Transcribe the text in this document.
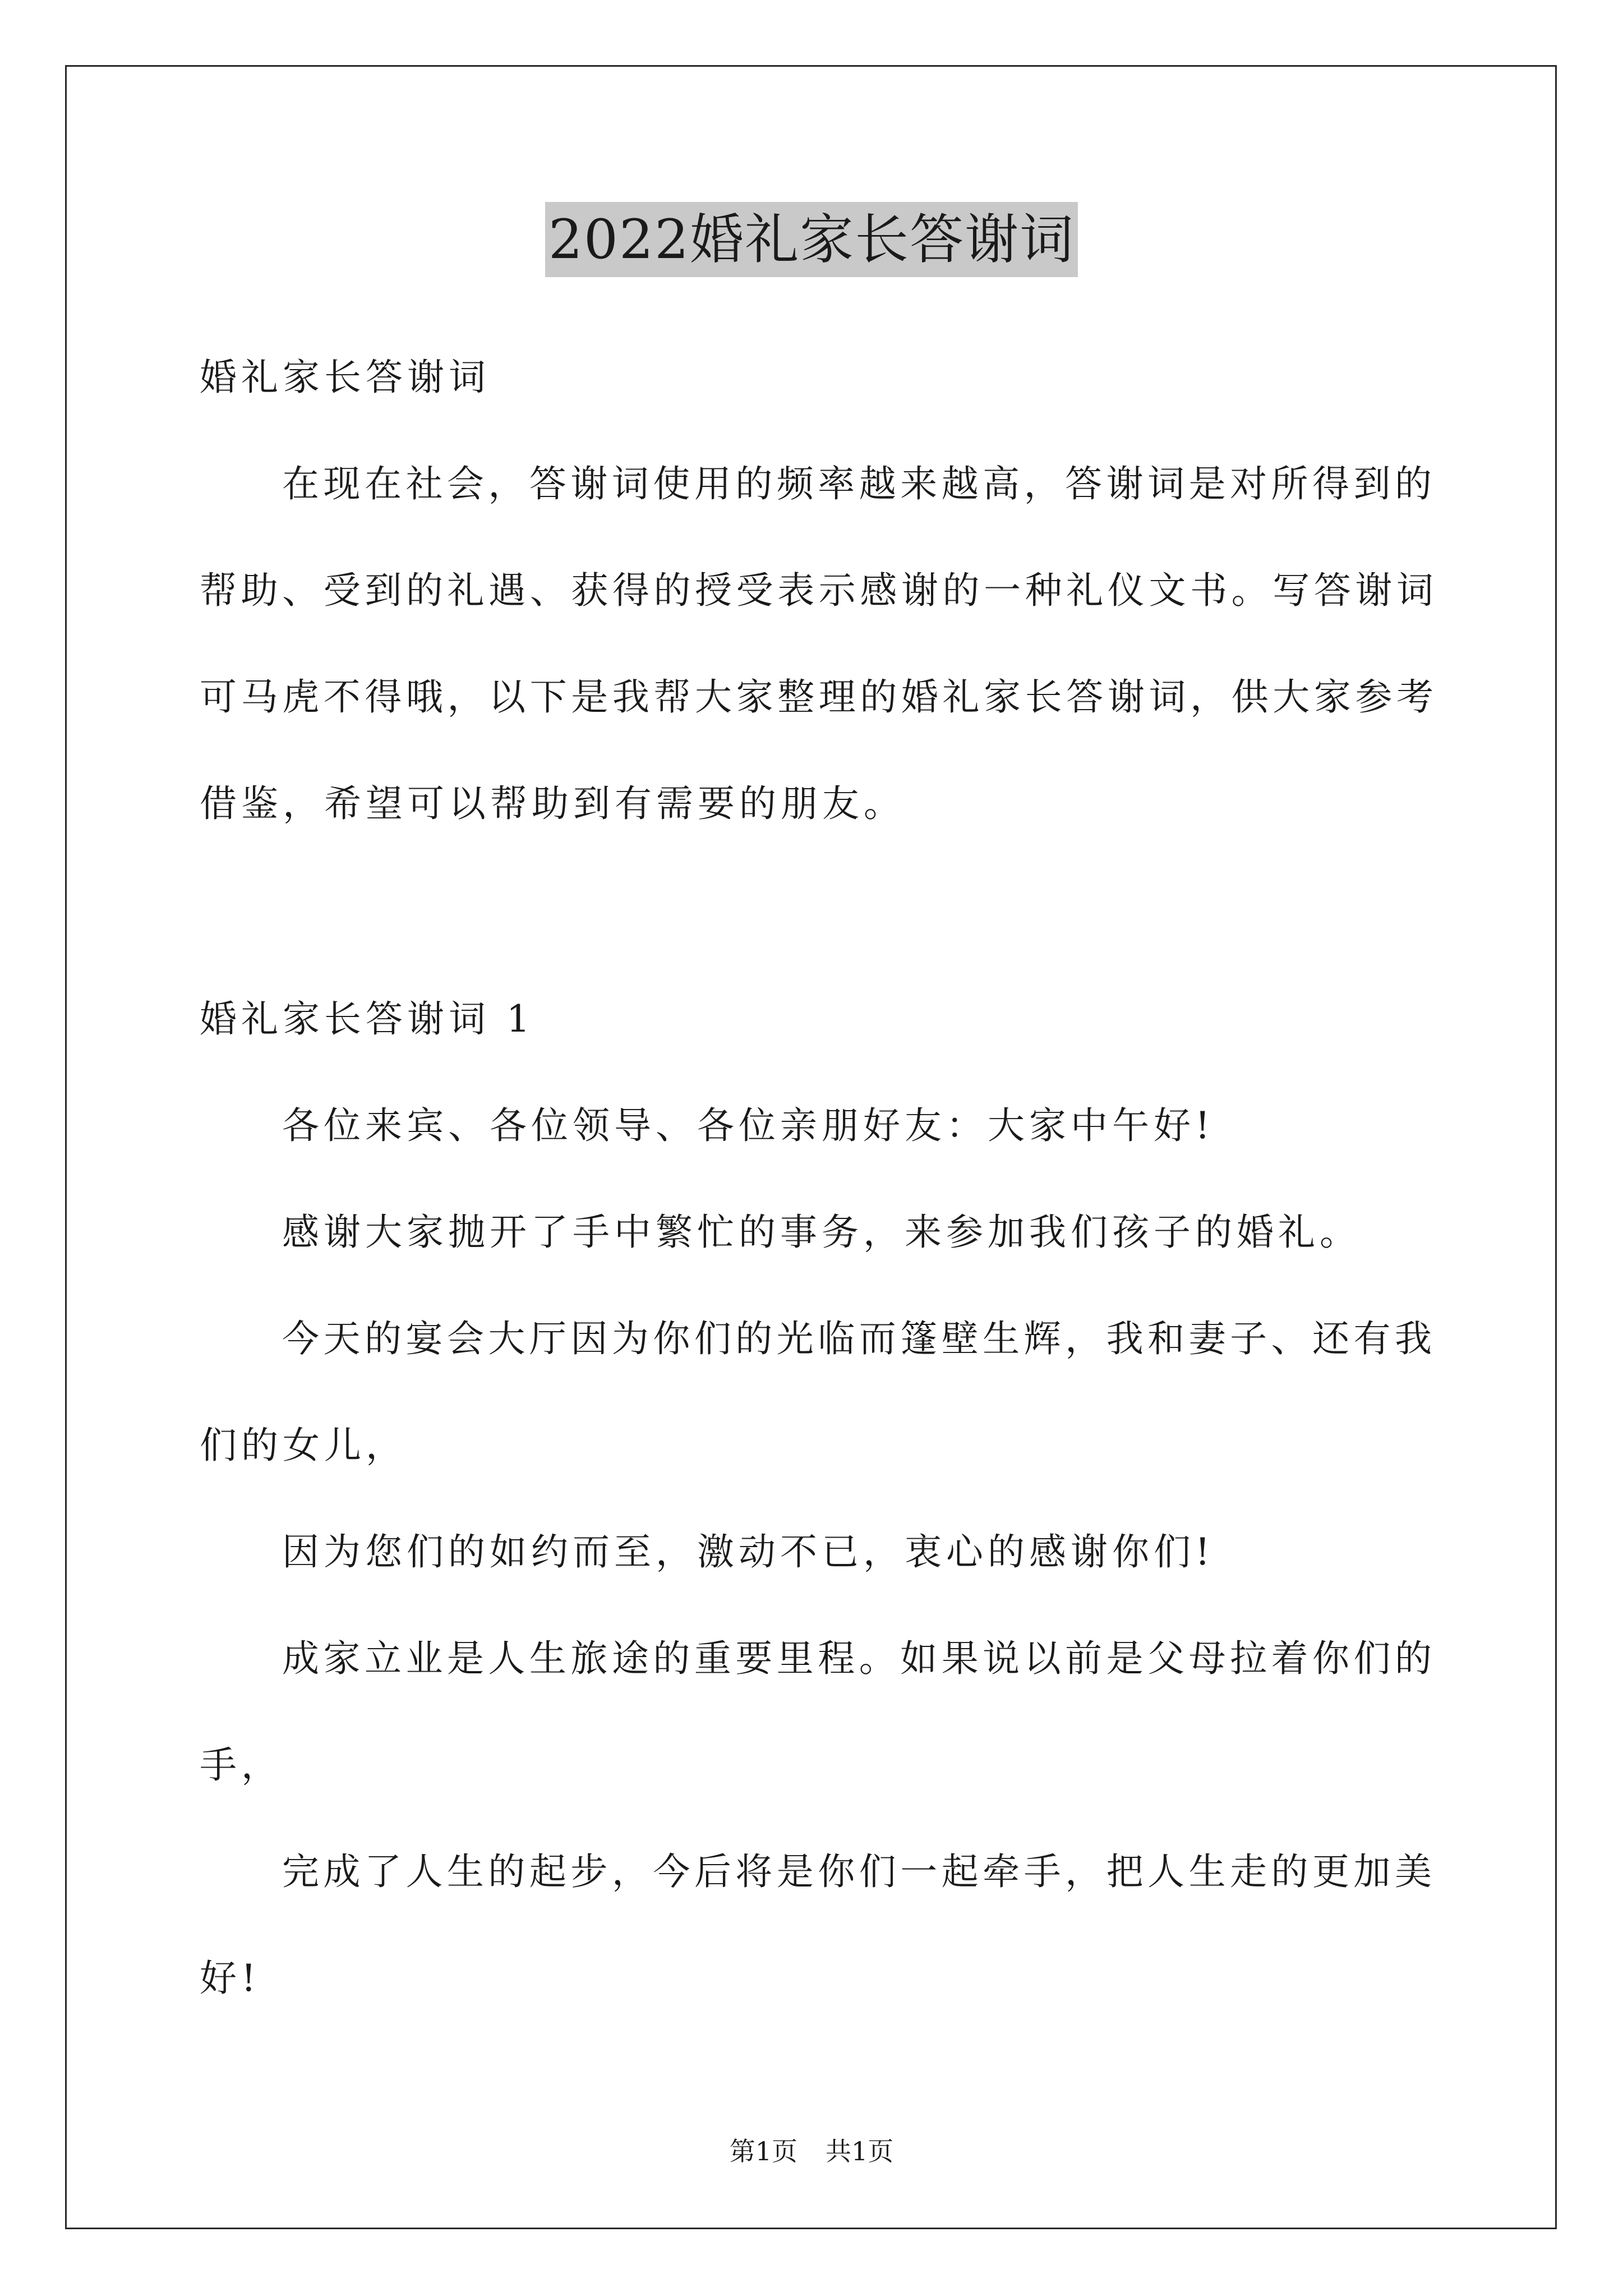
2022婚礼家长答谢词
婚礼家长答谢词
在现在社会，答谢词使用的频率越来越高，答谢词是对所得到的
帮助、受到的礼遇、获得的授受表示感谢的一种礼仪文书。写答谢词
可马虎不得哦，以下是我帮大家整理的婚礼家长答谢词，供大家参考
借鉴，希望可以帮助到有需要的朋友。
婚礼家长答谢词 1
各位来宾、各位领导、各位亲朋好友：大家中午好!
感谢大家抛开了手中繁忙的事务，来参加我们孩子的婚礼。
今天的宴会大厅因为你们的光临而篷壁生辉，我和妻子、还有我
们的女儿，
因为您们的如约而至，激动不已，衷心的感谢你们!
成家立业是人生旅途的重要里程。如果说以前是父母拉着你们的
手，
完成了人生的起步，今后将是你们一起牵手，把人生走的更加美
好!
第1页 共1页
